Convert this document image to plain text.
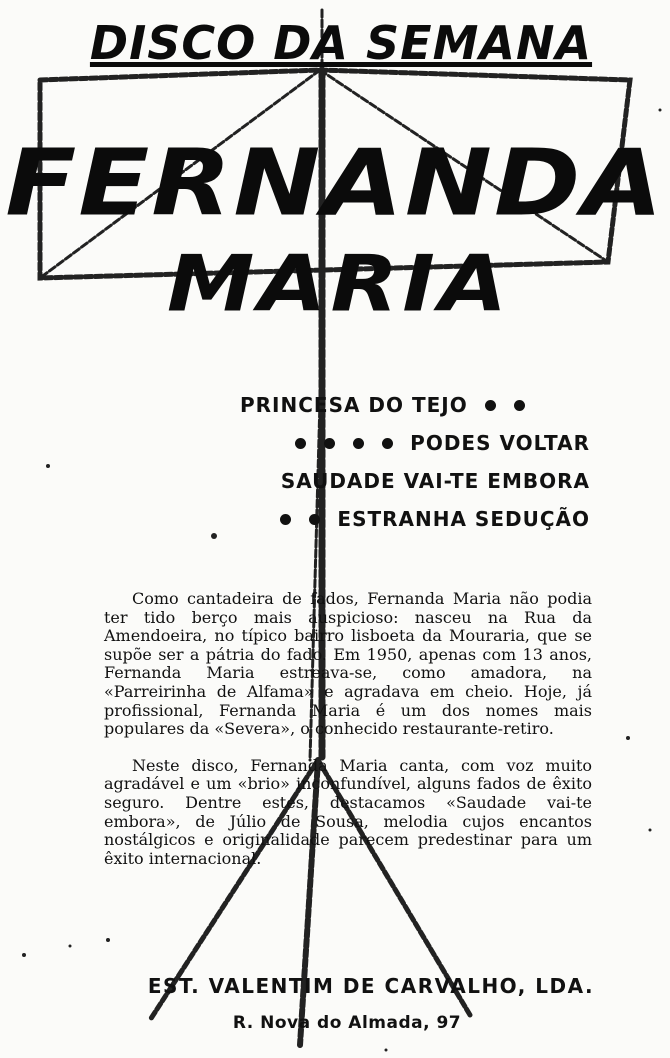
DISCO DA SEMANA
FERNANDA
MARIA
PRINCESA DO TEJO
PODES VOLTAR
SAUDADE VAI-TE EMBORA
ESTRANHA SEDUÇÃO

Como cantadeira de fados, Fernanda Maria não podia ter tido berço mais auspicioso: nasceu na Rua da Amendoeira, no típico bairro lisboeta da Mouraria, que se supõe ser a pátria do fado. Em 1950, apenas com 13 anos, Fernanda Maria estreava-se, como amadora, na «Parreirinha de Alfama» e agradava em cheio. Hoje, já profissional, Fernanda Maria é um dos nomes mais populares da «Severa», o conhecido restaurante-retiro.

Neste disco, Fernanda Maria canta, com voz muito agradável e um «brio» inconfundível, alguns fados de êxito seguro. Dentre estes, destacamos «Saudade vai-te embora», de Júlio de Sousa, melodia cujos encantos nostálgicos e originalidade parecem predestinar para um êxito internacional.

EST. VALENTIM DE CARVALHO, LDA.
R. Nova do Almada, 97
